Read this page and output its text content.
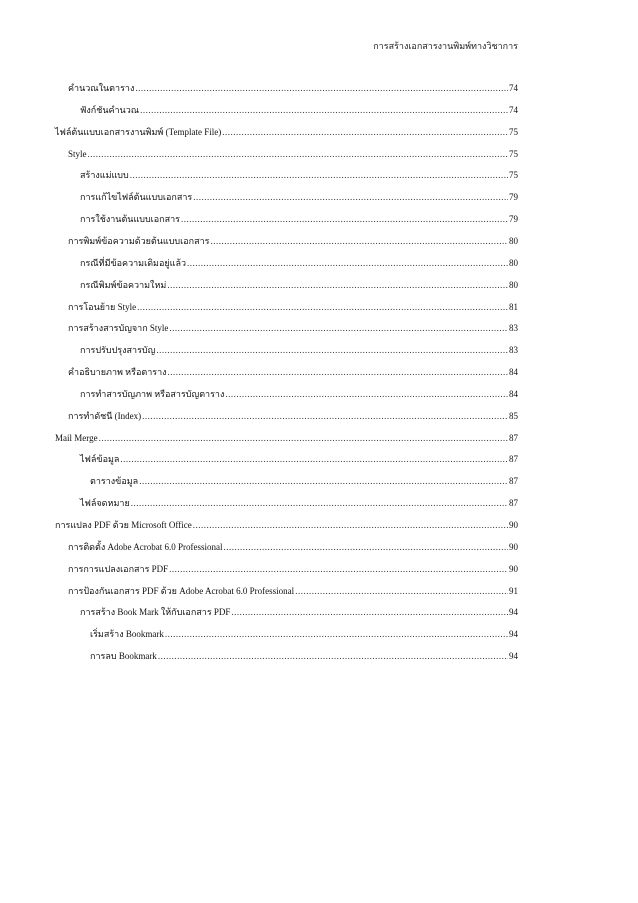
การสร้างเอกสารงานพิมพ์ทางวิชาการ
คำนวณในตาราง .....	74
ฟังก์ชันคำนวณ .....	74
ไฟล์ต้นแบบเอกสารงานพิมพ์ (Template File) .....	75
Style .....	75
สร้างแม่แบบ .....	75
การแก้ไขไฟล์ต้นแบบเอกสาร .....	79
การใช้งานต้นแบบเอกสาร .....	79
การพิมพ์ข้อความด้วยต้นแบบเอกสาร .....	80
กรณีที่มีข้อความเดิมอยู่แล้ว .....	80
กรณีพิมพ์ข้อความใหม่ .....	80
การโอนย้าย Style .....	81
การสร้างสารบัญจาก Style .....	83
การปรับปรุงสารบัญ .....	83
คำอธิบายภาพ หรือตาราง .....	84
การทำสารบัญภาพ หรือสารบัญตาราง .....	84
การทำดัชนี (Index) .....	85
Mail Merge .....	87
ไฟล์ข้อมูล .....	87
ตารางข้อมูล .....	87
ไฟล์จดหมาย .....	87
การแปลง PDF ด้วย Microsoft Office .....	90
การติดตั้ง Adobe Acrobat 6.0 Professional .....	90
การการแปลงเอกสาร PDF .....	90
การป้องกันเอกสาร PDF ด้วย Adobe Acrobat 6.0 Professional .....	91
การสร้าง Book Mark ให้กับเอกสาร PDF .....	94
เริ่มสร้าง Bookmark .....	94
การลบ Bookmark .....	94
